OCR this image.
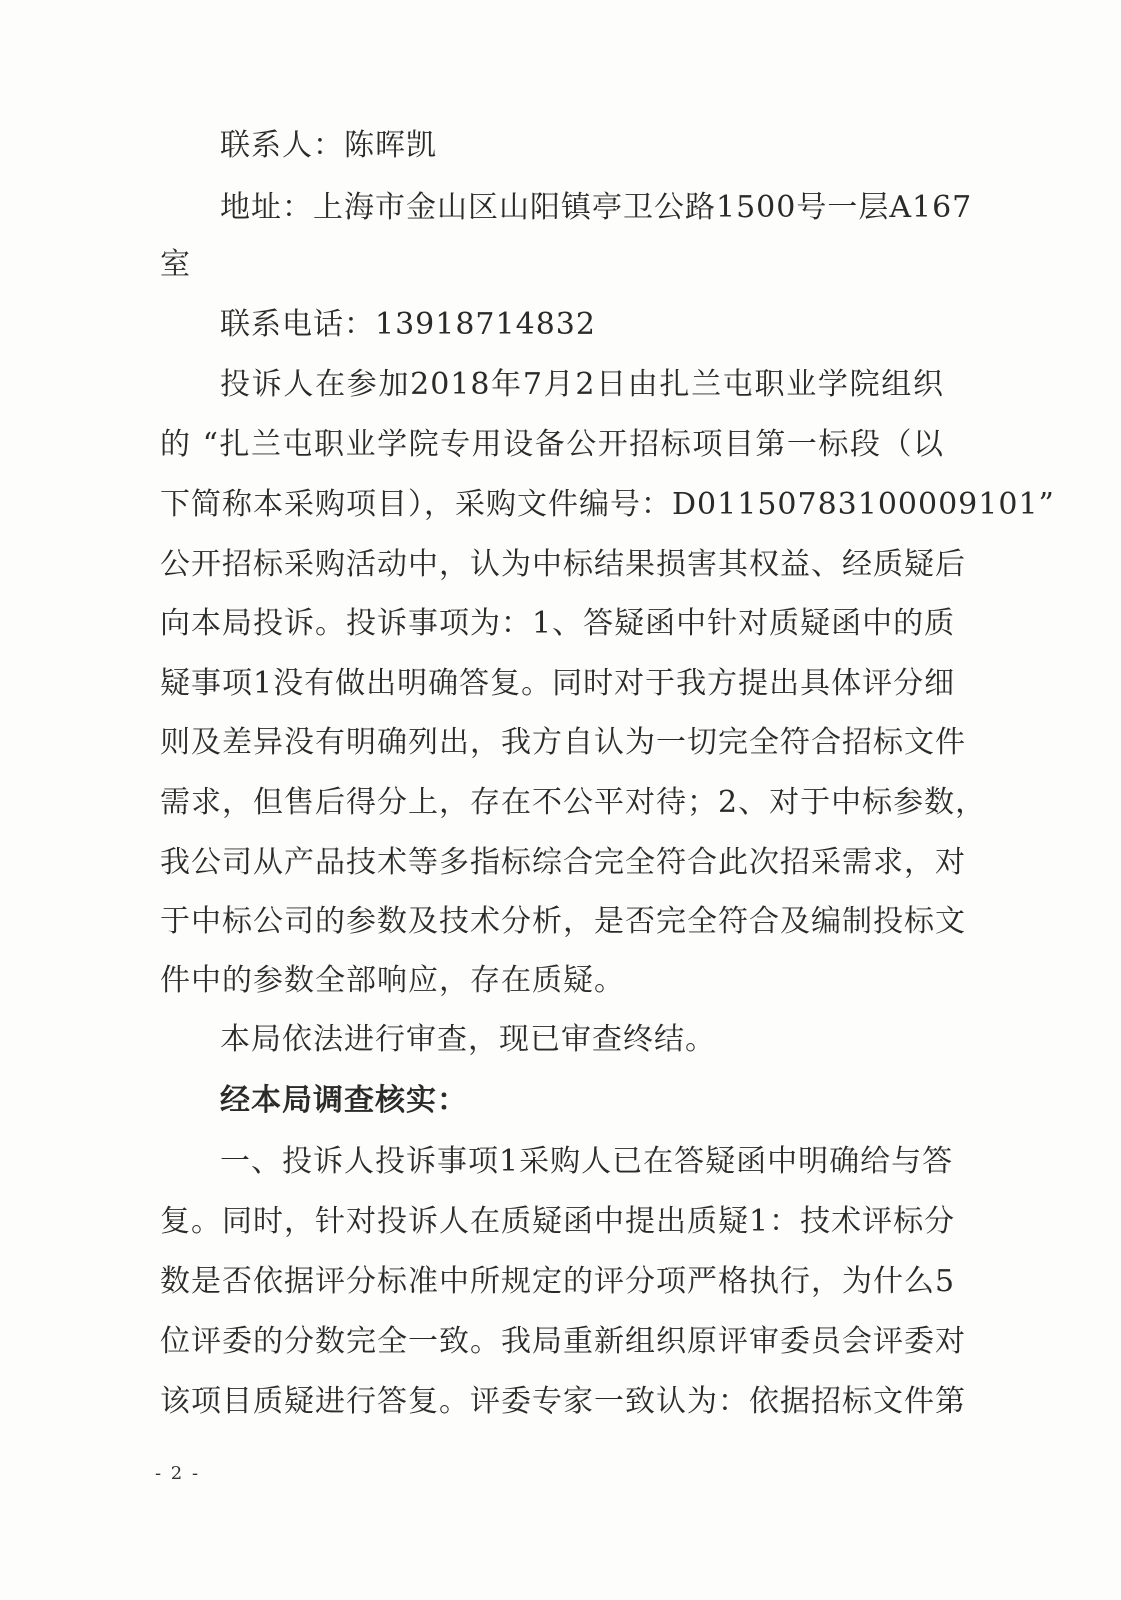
联系人：陈晖凯
地址：上海市金山区山阳镇亭卫公路1500号一层A167
室
联系电话：13918714832
投诉人在参加2018年7月2日由扎兰屯职业学院组织
的 “扎兰屯职业学院专用设备公开招标项目第一标段（以
下简称本采购项目），采购文件编号：D01150783100009101”
公开招标采购活动中，认为中标结果损害其权益、经质疑后
向本局投诉。投诉事项为：1、答疑函中针对质疑函中的质
疑事项1没有做出明确答复。同时对于我方提出具体评分细
则及差异没有明确列出，我方自认为一切完全符合招标文件
需求，但售后得分上，存在不公平对待；2、对于中标参数，
我公司从产品技术等多指标综合完全符合此次招采需求，对
于中标公司的参数及技术分析，是否完全符合及编制投标文
件中的参数全部响应，存在质疑。
本局依法进行审查，现已审查终结。
经本局调查核实：
一、投诉人投诉事项1采购人已在答疑函中明确给与答
复。同时，针对投诉人在质疑函中提出质疑1：技术评标分
数是否依据评分标准中所规定的评分项严格执行，为什么5
位评委的分数完全一致。我局重新组织原评审委员会评委对
该项目质疑进行答复。评委专家一致认为：依据招标文件第
- 2 -
